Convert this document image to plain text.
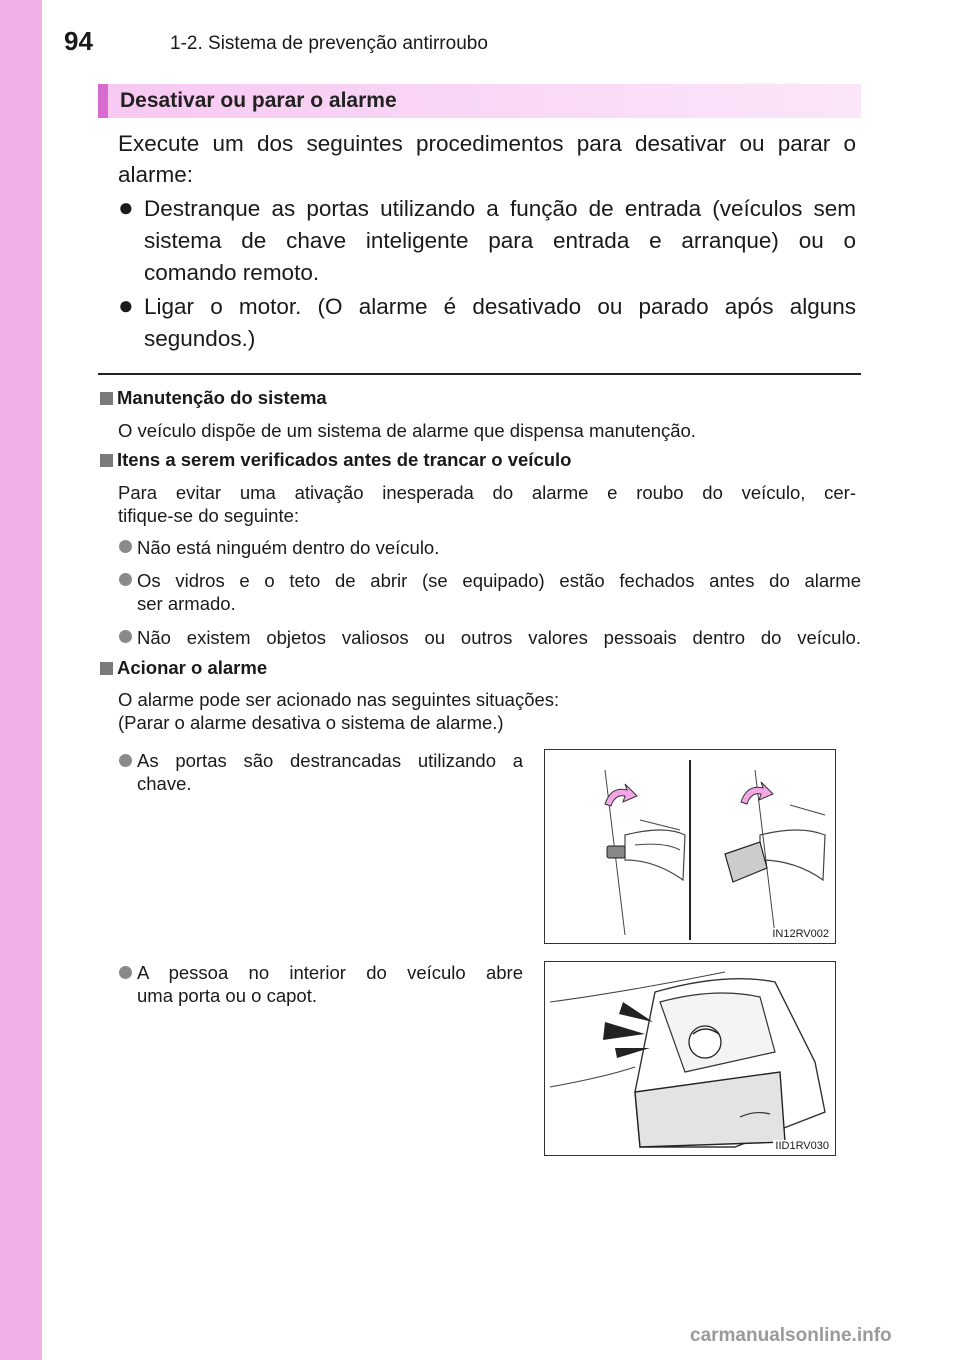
94	1-2. Sistema de prevenção antirroubo
Desativar ou parar o alarme
Execute um dos seguintes procedimentos para desativar ou parar o
alarme:
● Destranque as portas utilizando a função de entrada (veículos sem
sistema de chave inteligente para entrada e arranque) ou o
comando remoto.
● Ligar o motor. (O alarme é desativado ou parado após alguns
segundos.)
Manutenção do sistema
O veículo dispõe de um sistema de alarme que dispensa manutenção.
Itens a serem verificados antes de trancar o veículo
Para evitar uma ativação inesperada do alarme e roubo do veículo, cer-
tifique-se do seguinte:
Não está ninguém dentro do veículo.
Os vidros e o teto de abrir (se equipado) estão fechados antes do alarme
ser armado.
Não existem objetos valiosos ou outros valores pessoais dentro do veículo.
Acionar o alarme
O alarme pode ser acionado nas seguintes situações:
(Parar o alarme desativa o sistema de alarme.)
As portas são destrancadas utilizando a
chave.
A pessoa no interior do veículo abre
uma porta ou o capot.
IN12RV002
IID1RV030
carmanualsonline.info
